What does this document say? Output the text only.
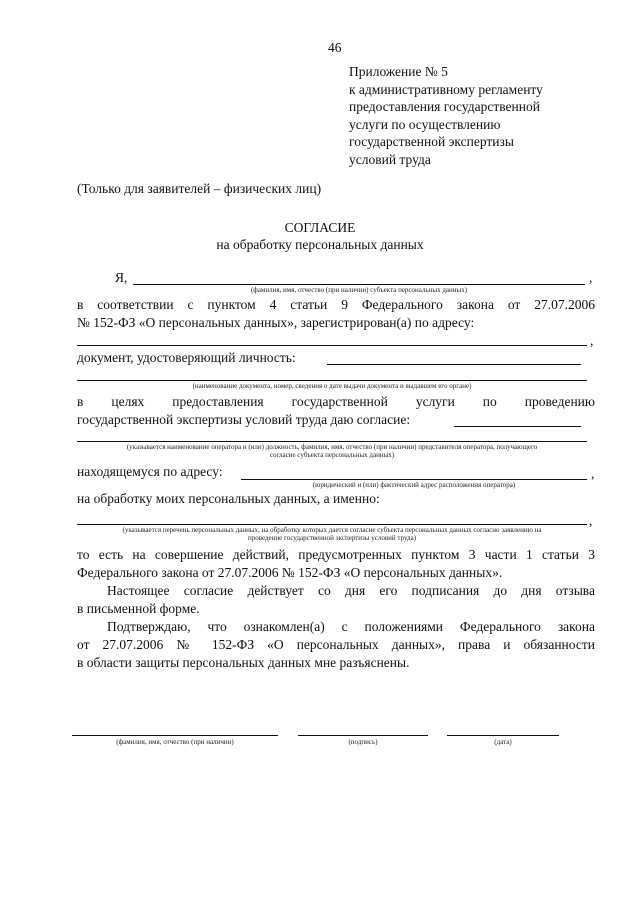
46
Приложение № 5
к административному регламенту
предоставления государственной
услуги по осуществлению
государственной экспертизы
условий труда
(Только для заявителей – физических лиц)
СОГЛАСИЕ
на обработку персональных данных
Я,	,
(фамилия, имя, отчество (при наличии) субъекта персональных данных)
в соответствии с пунктом 4 статьи 9 Федерального закона от 27.07.2006
№ 152-ФЗ «О персональных данных», зарегистрирован(а) по адресу:
,
документ, удостоверяющий личность:
(наименование документа, номер, сведения о дате выдачи документа и выдавшем его органе)
в целях предоставления государственной услуги по проведению
государственной экспертизы условий труда даю согласие:
(указывается наименование оператора и (или) должность, фамилия, имя, отчество (при наличии) представителя оператора, получающего
согласие субъекта персональных данных)
находящемуся по адресу:	,
(юридический и (или) фактический адрес расположения оператора)
на обработку моих персональных данных, а именно:
,
(указывается перечень персональных данных, на обработку которых дается согласие субъекта персональных данных согласно заявлению на
проведение государственной экспертизы условий труда)
то есть на совершение действий, предусмотренных пунктом 3 части 1 статьи 3
Федерального закона от 27.07.2006 № 152-ФЗ «О персональных данных».
Настоящее согласие действует со дня его подписания до дня отзыва
в письменной форме.
Подтверждаю, что ознакомлен(а) с положениями Федерального закона
от 27.07.2006 № 152-ФЗ «О персональных данных», права и обязанности
в области защиты персональных данных мне разъяснены.
(фамилия, имя, отчество (при наличии)	(подпись)	(дата)
